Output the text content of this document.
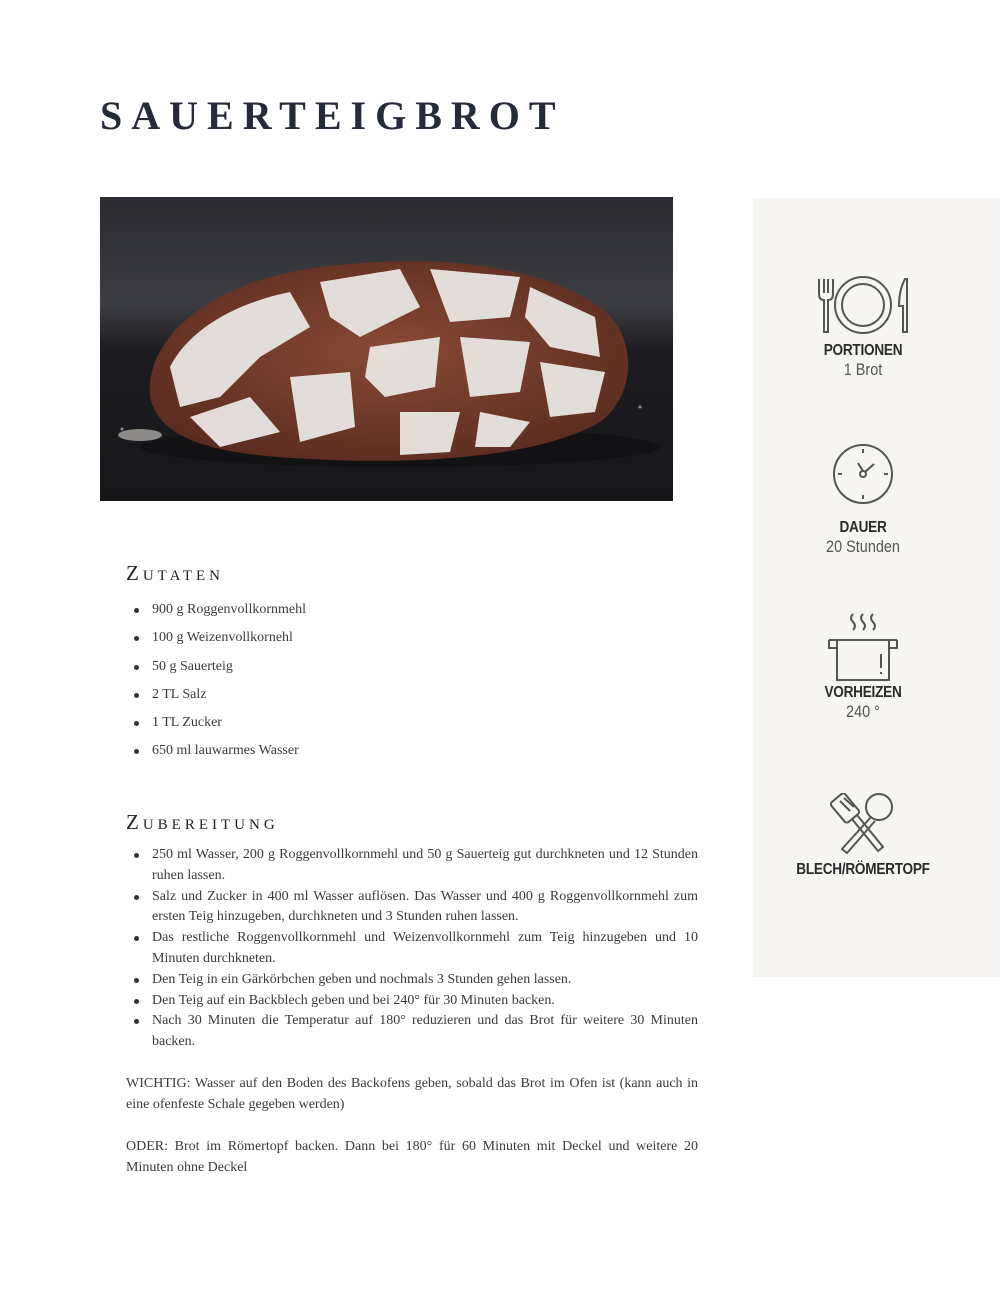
SAUERTEIGBROT
PORTIONEN
1 Brot
DAUER
20 Stunden
VORHEIZEN
240 °
BLECH/RÖMERTOPF
Zutaten
900 g Roggenvollkornmehl
100 g Weizenvollkornehl
50 g Sauerteig
2 TL Salz
1 TL Zucker
650 ml lauwarmes Wasser
Zubereitung
250 ml Wasser, 200 g Roggenvollkornmehl und 50 g Sauerteig gut durchkneten und 12 Stunden ruhen lassen.
Salz und Zucker in 400 ml Wasser auflösen. Das Wasser und 400 g Roggenvollkornmehl zum ersten Teig hinzugeben, durchkneten und 3 Stunden ruhen lassen.
Das restliche Roggenvollkornmehl und Weizenvollkornmehl zum Teig hinzugeben und 10 Minuten durchkneten.
Den Teig in ein Gärkörbchen geben und nochmals 3 Stunden gehen lassen.
Den Teig auf ein Backblech geben und bei 240° für 30 Minuten backen.
Nach 30 Minuten die Temperatur auf 180° reduzieren und das Brot für weitere 30 Minuten backen.

WICHTIG: Wasser auf den Boden des Backofens geben, sobald das Brot im Ofen ist (kann auch in eine ofenfeste Schale gegeben werden)

ODER: Brot im Römertopf backen. Dann bei 180° für 60 Minuten mit Deckel und weitere 20 Minuten ohne Deckel
